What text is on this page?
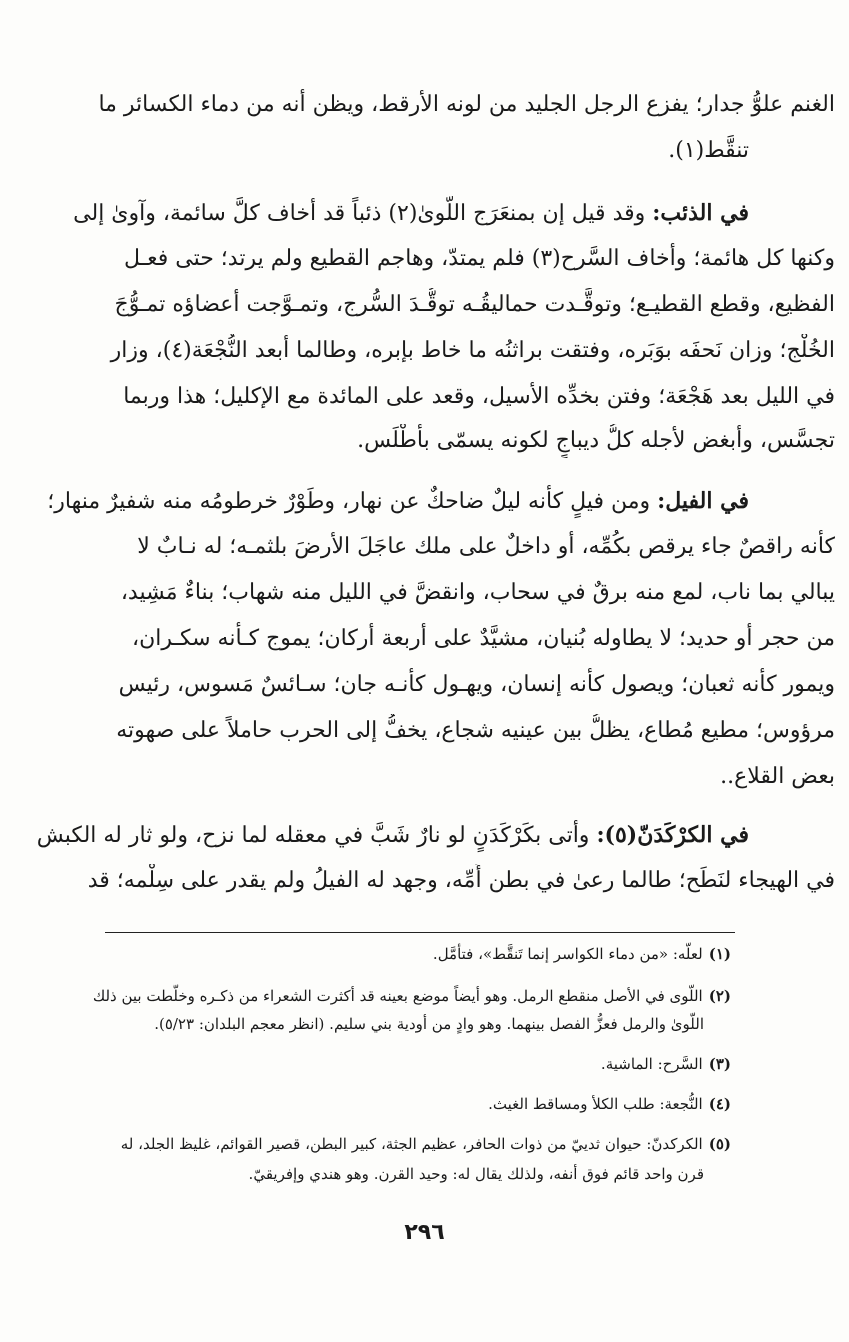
الغنم علوُّ جدار؛ يفزع الرجل الجليد من لونه الأرقط، ويظن أنه من دماء الكسائر ما
تنقَّط(١).
في الذئب: وقد قيل إن بمنعَرَج اللّوىٰ(٢) ذئباً قد أخاف كلَّ سائمة، وآوىٰ إلى
وكنها كل هائمة؛ وأخاف السَّرح(٣) فلم يمتدّ، وهاجم القطيع ولم يرتد؛ حتى فعـل
الفظيع، وقطع القطيـع؛ وتوقَّـدت حماليقُـه توقُّـدَ السُّرج، وتمـوَّجت أعضاؤه تمـوُّجَ
الخُلْج؛ وزان نَحفَه بوَبَره، وفتقت براثنُه ما خاط بإبره، وطالما أبعد النُّجْعَة(٤)، وزار
في الليل بعد هَجْعَة؛ وفتن بخدِّه الأسيل، وقعد على المائدة مع الإكليل؛ هذا وربما
تجسَّس، وأبغض لأجله كلُّ ديباجٍ لكونه يسمّى بأطْلَس.
في الفيل: ومن فيلٍ كأنه ليلٌ ضاحكٌ عن نهار، وطَوْرٌ خرطومُه منه شفيرٌ منهار؛
كأنه راقصٌ جاء يرقص بكُمِّه، أو داخلٌ على ملك عاجَلَ الأرضَ بلثمـه؛ له نـابٌ لا
يبالي بما ناب، لمع منه برقٌ في سحاب، وانقضَّ في الليل منه شهاب؛ بناءٌ مَشِيد،
من حجر أو حديد؛ لا يطاوله بُنيان، مشيَّدٌ على أربعة أركان؛ يموج كـأنه سكـران،
ويمور كأنه ثعبان؛ ويصول كأنه إنسان، ويهـول كأنـه جان؛ سـائسٌ مَسوس، رئيس
مرؤوس؛ مطيع مُطاع، يظلُّ بين عينيه شجاع، يخفُّ إلى الحرب حاملاً على صهوته
بعض القلاع..
في الكرْكَدَنّ(٥): وأتى بكَرْكَدَنٍ لو نارٌ شَبَّ في معقله لما نزح، ولو ثار له الكبش
في الهيجاء لنَطَح؛ طالما رعىٰ في بطن أُمِّه، وجهد له الفيلُ ولم يقدر على سِلْمه؛ قد
(١)لعلَّه: «من دماء الكواسر إنما تَنقَّط»، فتأمَّل.
(٢)اللّوى في الأصل منقطع الرمل. وهو أيضاً موضع بعينه قد أكثرت الشعراء من ذكـره وخلَّطت بين ذلك
اللّوىٰ والرمل فعزُّ الفصل بينهما. وهو وادٍ من أودية بني سليم. (انظر معجم البلدان: ٥/٢٣).
(٣)السَّرح: الماشية.
(٤)النُّجعة: طلب الكلأ ومساقط الغيث.
(٥)الكركدنّ: حيوان ثدييّ من ذوات الحافر، عظيم الجثة، كبير البطن، قصير القوائم، غليظ الجلد، له
قرن واحد قائم فوق أنفه، ولذلك يقال له: وحيد القرن. وهو هندي وإفريقيّ.
٢٩٦
